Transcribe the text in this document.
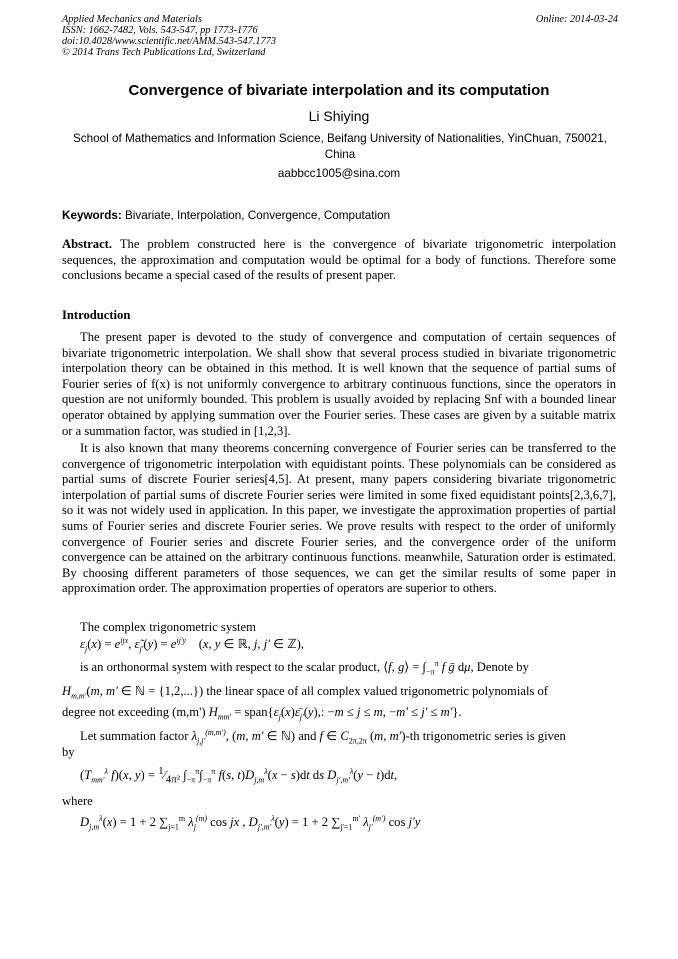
Applied Mechanics and Materials
ISSN: 1662-7482, Vols. 543-547, pp 1773-1776
doi:10.4028/www.scientific.net/AMM.543-547.1773
© 2014 Trans Tech Publications Ltd, Switzerland
Online: 2014-03-24
Convergence of bivariate interpolation and its computation
Li Shiying
School of Mathematics and Information Science, Beifang University of Nationalities, YinChuan, 750021, China
aabbcc1005@sina.com
Keywords: Bivariate, Interpolation, Convergence, Computation
Abstract. The problem constructed here is the convergence of bivariate trigonometric interpolation sequences, the approximation and computation would be optimal for a body of functions. Therefore some conclusions became a special cased of the results of present paper.
Introduction
The present paper is devoted to the study of convergence and computation of certain sequences of bivariate trigonometric interpolation. We shall show that several process studied in bivariate trigonometric interpolation theory can be obtained in this method. It is well known that the sequence of partial sums of Fourier series of f(x) is not uniformly convergence to arbitrary continuous functions, since the operators in question are not uniformly bounded. This problem is usually avoided by replacing Snf with a bounded linear operator obtained by applying summation over the Fourier series. These cases are given by a suitable matrix or a summation factor, was studied in [1,2,3].
It is also known that many theorems concerning convergence of Fourier series can be transferred to the convergence of trigonometric interpolation with equidistant points. These polynomials can be considered as partial sums of discrete Fourier series[4,5]. At present, many papers considering bivariate trigonometric interpolation of partial sums of discrete Fourier series were limited in some fixed equidistant points[2,3,6,7], so it was not widely used in application. In this paper, we investigate the approximation properties of partial sums of Fourier series and discrete Fourier series. We prove results with respect to the order of uniformly convergence of Fourier series and discrete Fourier series, and the convergence order of the uniform convergence can be attained on the arbitrary continuous functions. meanwhile, Saturation order is estimated. By choosing different parameters of those sequences, we can get the similar results of some paper in approximation order. The approximation properties of operators are superior to others.
The complex trigonometric system
$\varepsilon_j(x) = e^{ijx}$, $\varepsiloñ_{j'}(y) = e^{ij'y}$    (x, y ∈ ℝ, j, j' ∈ ℤ),
is an orthonormal system with respect to the scalar product, ⟨f, g⟩ = $\int_{-\pi}^\pi$ f ḡ dμ, Denote by
$H_{m,m'}(m$, m' ∈ ℕ = {1,2,...}) the linear space of all complex valued trigonometric polynomials of
degree not exceeding (m,m') $H_{mm'}$ = $span\{\varepsilon_j(x)\varepsilon̄_{j'}(y)$,: −m ≤ j ≤ m, −m' ≤ j' ≤ m'}.
Let summation factor $\lambda_{j,j'}^{(m,m')}$, (m, m' ∈ ℕ) and f ∈ $C_{2\pi,2\pi}$ (m, m')-th trigonometric series is given
by
($T_{mm'}^\lambda$ f)(x, $y) = ^1⁄_{4\pi^2}$ $\int_{-\pi}^\pi\int_{-\pi}^\pi$ f(s, $t)D_{j,m}^\lambda(x - s)dt$ ds $D_{j',m'}^\lambda(y - t)dt$,
where
$D_{j,m}^\lambda(x) = 1 + 2$ $\sum_{j=1}^m$ $\lambda_j^{(m)}$ cos jx , $D_{j',m'}^\lambda(y) = 1 + 2$ $\sum_{j'=1}^{m'}$ $\lambda_{j'}^{(m')}$ cos j'y
